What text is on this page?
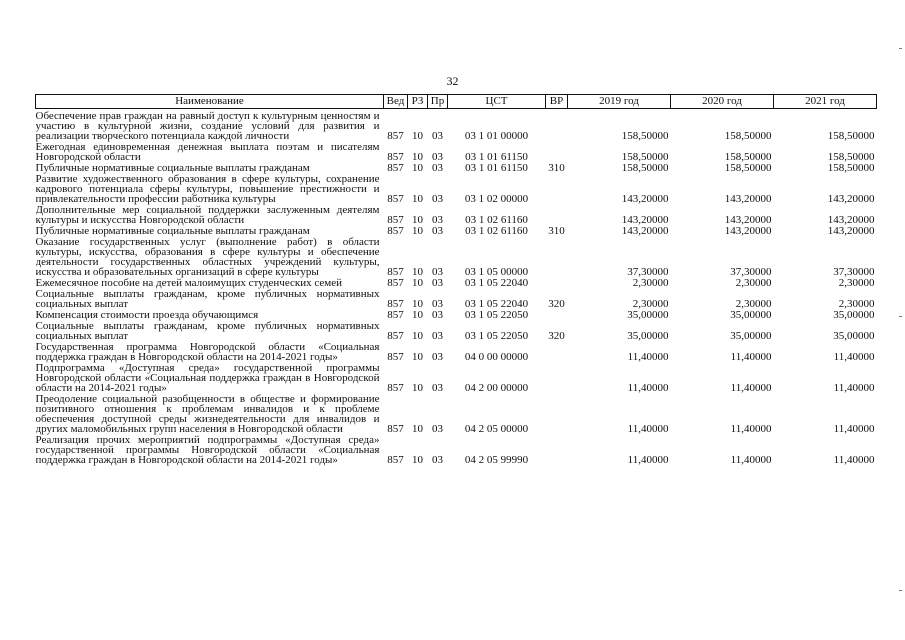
32
Наименование	Вед	РЗ	Пр	ЦСТ	ВР	2019 год	2020 год	2021 год
Обеспечение прав граждан на равный доступ к культурным ценностям и участию в культурной жизни, создание условий для развития и реализации творческого потенциала каждой личности	857	10	03	03 1 01 00000		158,50000	158,50000	158,50000
Ежегодная единовременная денежная выплата поэтам и писателям Новгородской области	857	10	03	03 1 01 61150		158,50000	158,50000	158,50000
Публичные нормативные социальные выплаты гражданам	857	10	03	03 1 01 61150	310	158,50000	158,50000	158,50000
Развитие художественного образования в сфере культуры, сохранение кадрового потенциала сферы культуры, повышение престижности и привлекательности профессии работника культуры	857	10	03	03 1 02 00000		143,20000	143,20000	143,20000
Дополнительные мер социальной поддержки заслуженным деятелям культуры и искусства Новгородской области	857	10	03	03 1 02 61160		143,20000	143,20000	143,20000
Публичные нормативные социальные выплаты гражданам	857	10	03	03 1 02 61160	310	143,20000	143,20000	143,20000
Оказание государственных услуг (выполнение работ) в области культуры, искусства, образования в сфере культуры и обеспечение деятельности государственных областных учреждений культуры, искусства и образовательных организаций в сфере культуры	857	10	03	03 1 05 00000		37,30000	37,30000	37,30000
Ежемесячное пособие на детей малоимущих студенческих семей	857	10	03	03 1 05 22040		2,30000	2,30000	2,30000
Социальные выплаты гражданам, кроме публичных нормативных социальных выплат	857	10	03	03 1 05 22040	320	2,30000	2,30000	2,30000
Компенсация стоимости проезда обучающимся	857	10	03	03 1 05 22050		35,00000	35,00000	35,00000
Социальные выплаты гражданам, кроме публичных нормативных социальных выплат	857	10	03	03 1 05 22050	320	35,00000	35,00000	35,00000
Государственная программа Новгородской области «Социальная поддержка граждан в Новгородской области на 2014-2021 годы»	857	10	03	04 0 00 00000		11,40000	11,40000	11,40000
Подпрограмма «Доступная среда» государственной программы Новгородской области «Социальная поддержка граждан в Новгородской области на 2014-2021 годы»	857	10	03	04 2 00 00000		11,40000	11,40000	11,40000
Преодоление социальной разобщенности в обществе и формирование позитивного отношения к проблемам инвалидов и к проблеме обеспечения доступной среды жизнедеятельности для инвалидов и других маломобильных групп населения в Новгородской области	857	10	03	04 2 05 00000		11,40000	11,40000	11,40000
Реализация прочих мероприятий подпрограммы «Доступная среда» государственной программы Новгородской области «Социальная поддержка граждан в Новгородской области на 2014-2021 годы»	857	10	03	04 2 05 99990		11,40000	11,40000	11,40000
